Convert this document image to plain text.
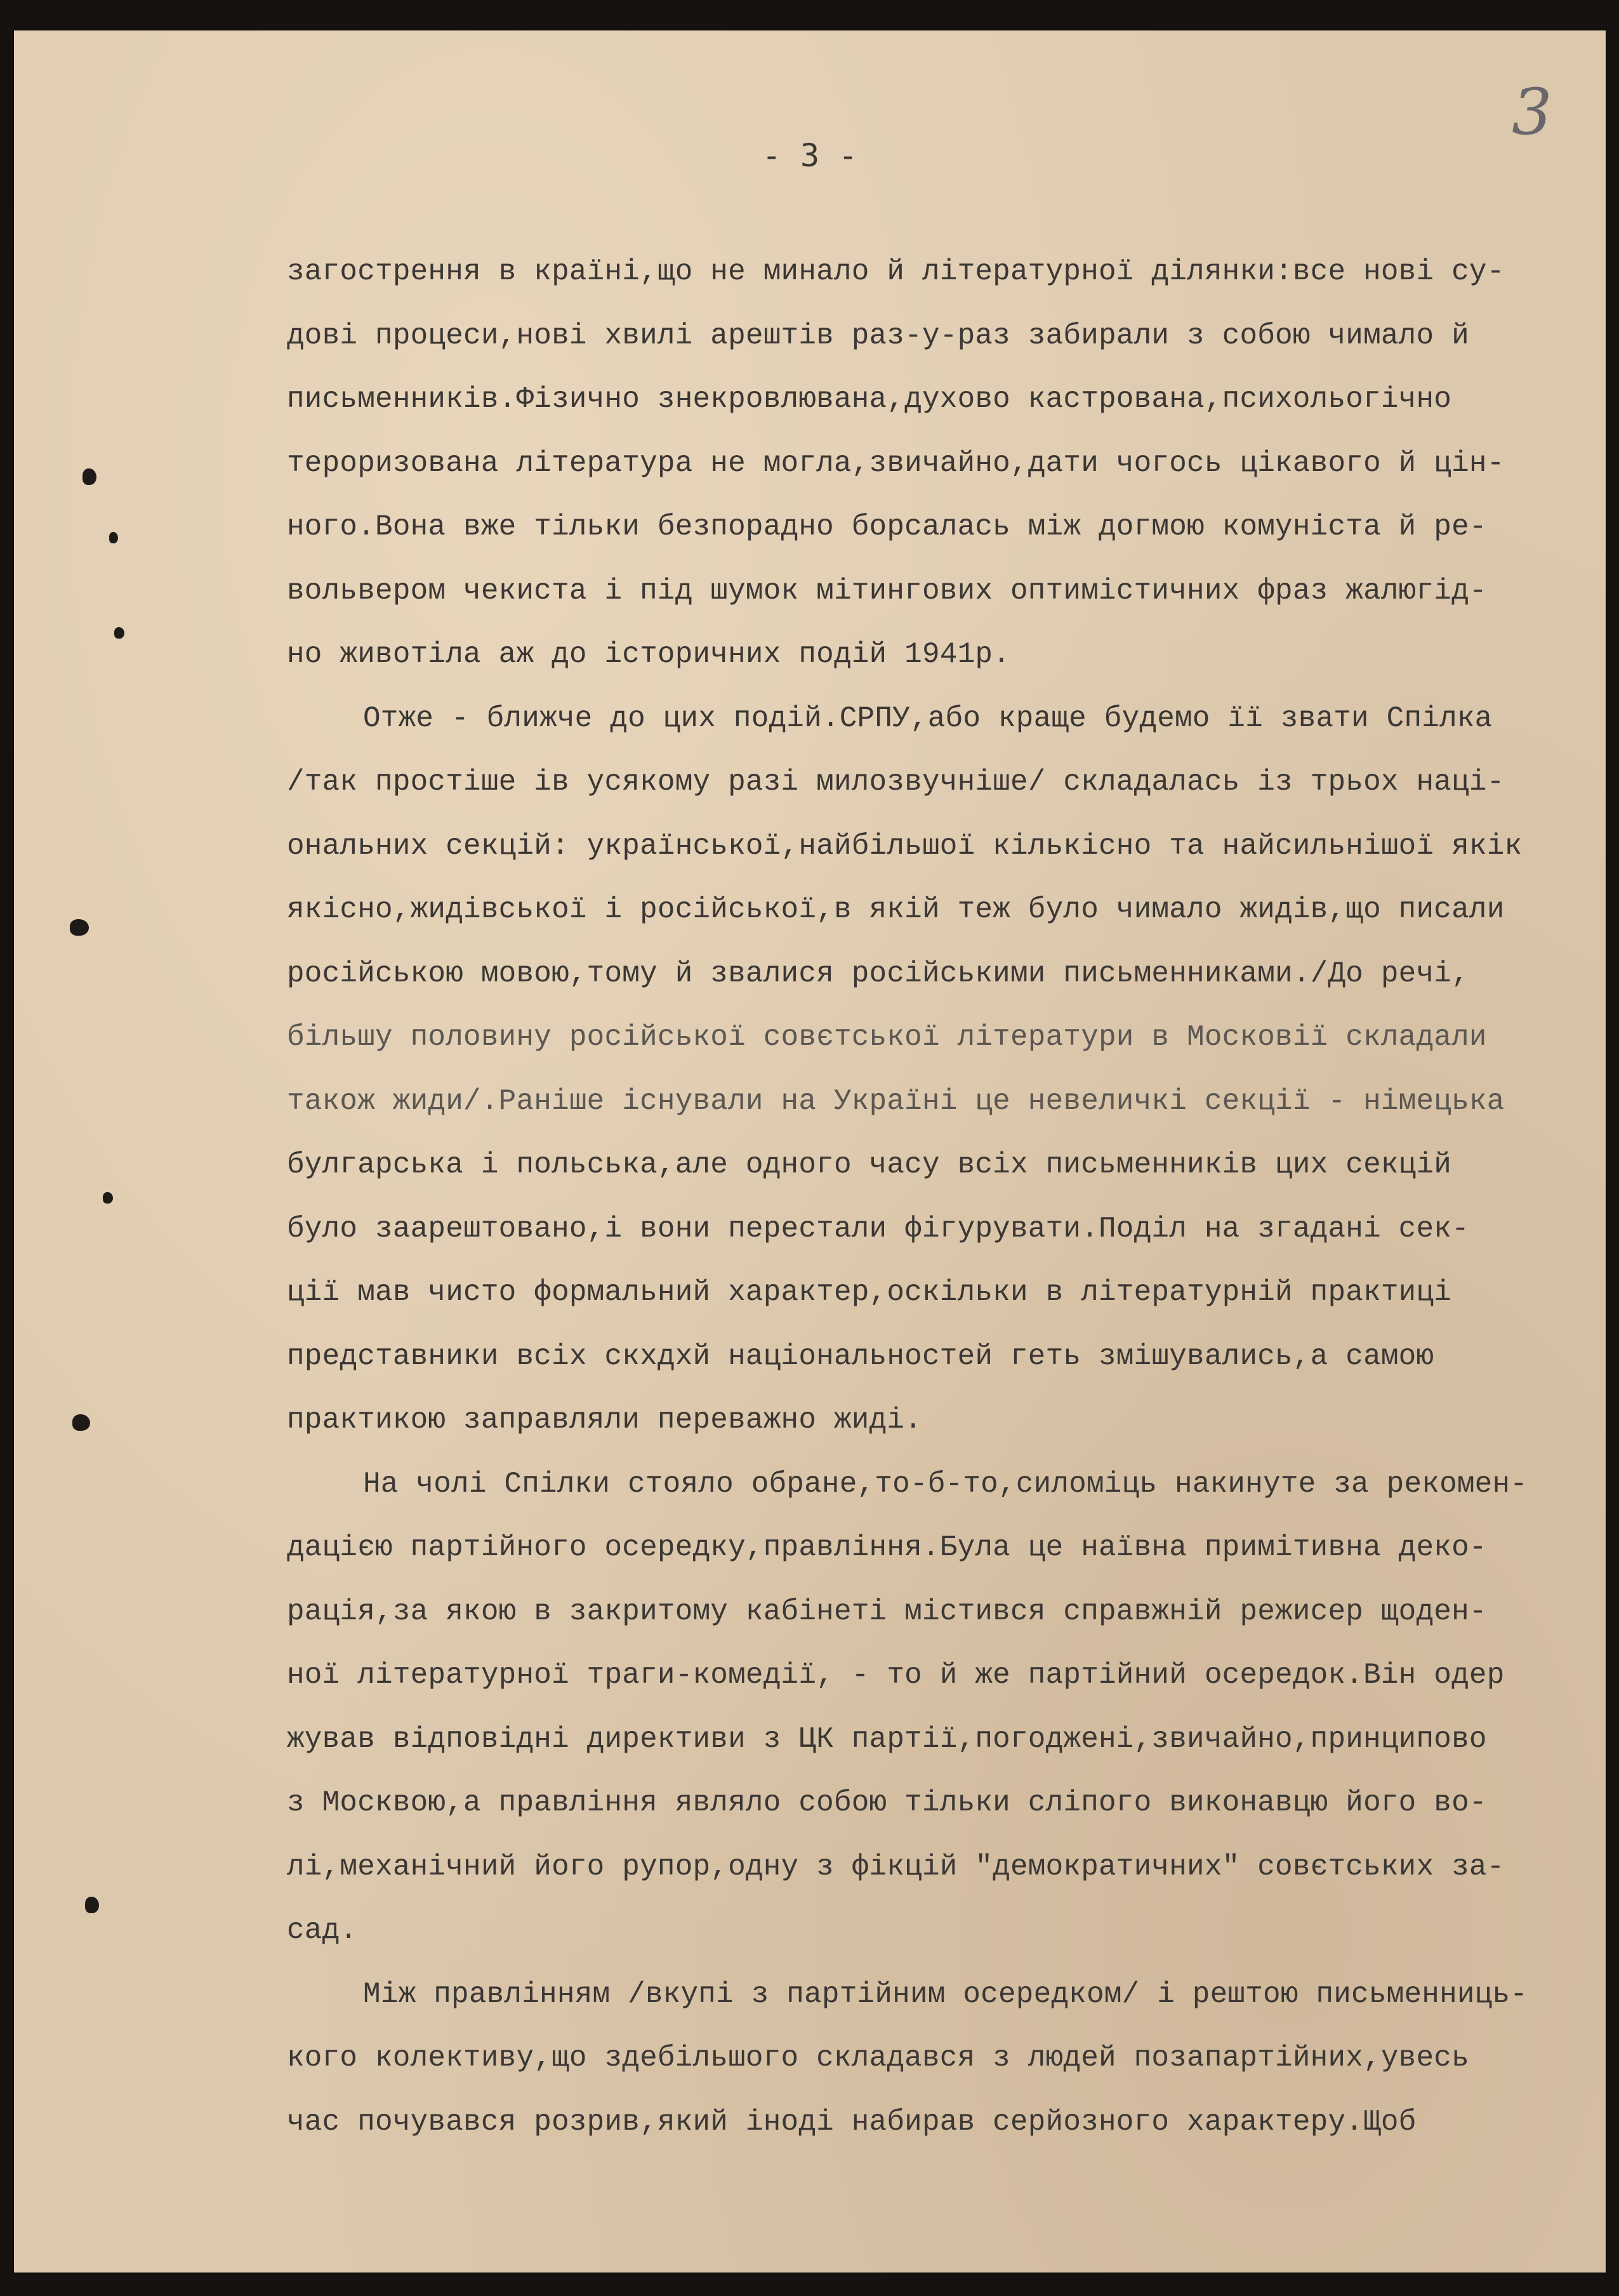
3
- 3 -
загострення в країні,що не минало й літературної ділянки:все нові су-
дові процеси,нові хвилі арештів раз-у-раз забирали з собою чимало й
письменників.Фізично знекровлювана,духово кастрована,психольогічно
тероризована література не могла,звичайно,дати чогось цікавого й цін-
ного.Вона вже тільки безпорадно борсалась між догмою комуніста й ре-
вольвером чекиста і під шумок мітингових оптимістичних фраз жалюгід-
но животіла аж до історичних подій 1941р.
Отже - ближче до цих подій.СРПУ,або краще будемо її звати Спілка
/так простіше ів усякому разі милозвучніше/ складалась із трьох наці-
ональних секцій: української,найбільшої кількісно та найсильнішої якік
якісно,жидівської і російської,в якій теж було чимало жидів,що писали
російською мовою,тому й звалися російськими письменниками./До речі,
більшу половину російської совєтської літератури в Московії складали
також жиди/.Раніше існували на Україні це невеличкі секції - німецька
булгарська і польська,але одного часу всіх письменників цих секцій
було заарештовано,і вони перестали фігурувати.Поділ на згадані сек-
ції мав чисто формальний характер,оскільки в літературній практиці
представники всіх скхдхй національностей геть змішувались,а самою
практикою заправляли переважно жиді.
На чолі Спілки стояло обране,то-б-то,силоміць накинуте за рекомен-
дацією партійного осередку,правління.Була це наївна примітивна деко-
рація,за якою в закритому кабінеті містився справжній режисер щоден-
ної літературної траги-комедії, - то й же партійний осередок.Він одер
жував відповідні директиви з ЦК партії,погоджені,звичайно,принципово
з Москвою,а правління являло собою тільки сліпого виконавцю його во-
лі,механічний його рупор,одну з фікцій "демократичних" совєтських за-
сад.
Між правлінням /вкупі з партійним осередком/ і рештою письменниць-
кого колективу,що здебільшого складався з людей позапартійних,увесь
час почувався розрив,який іноді набирав серйозного характеру.Щоб
